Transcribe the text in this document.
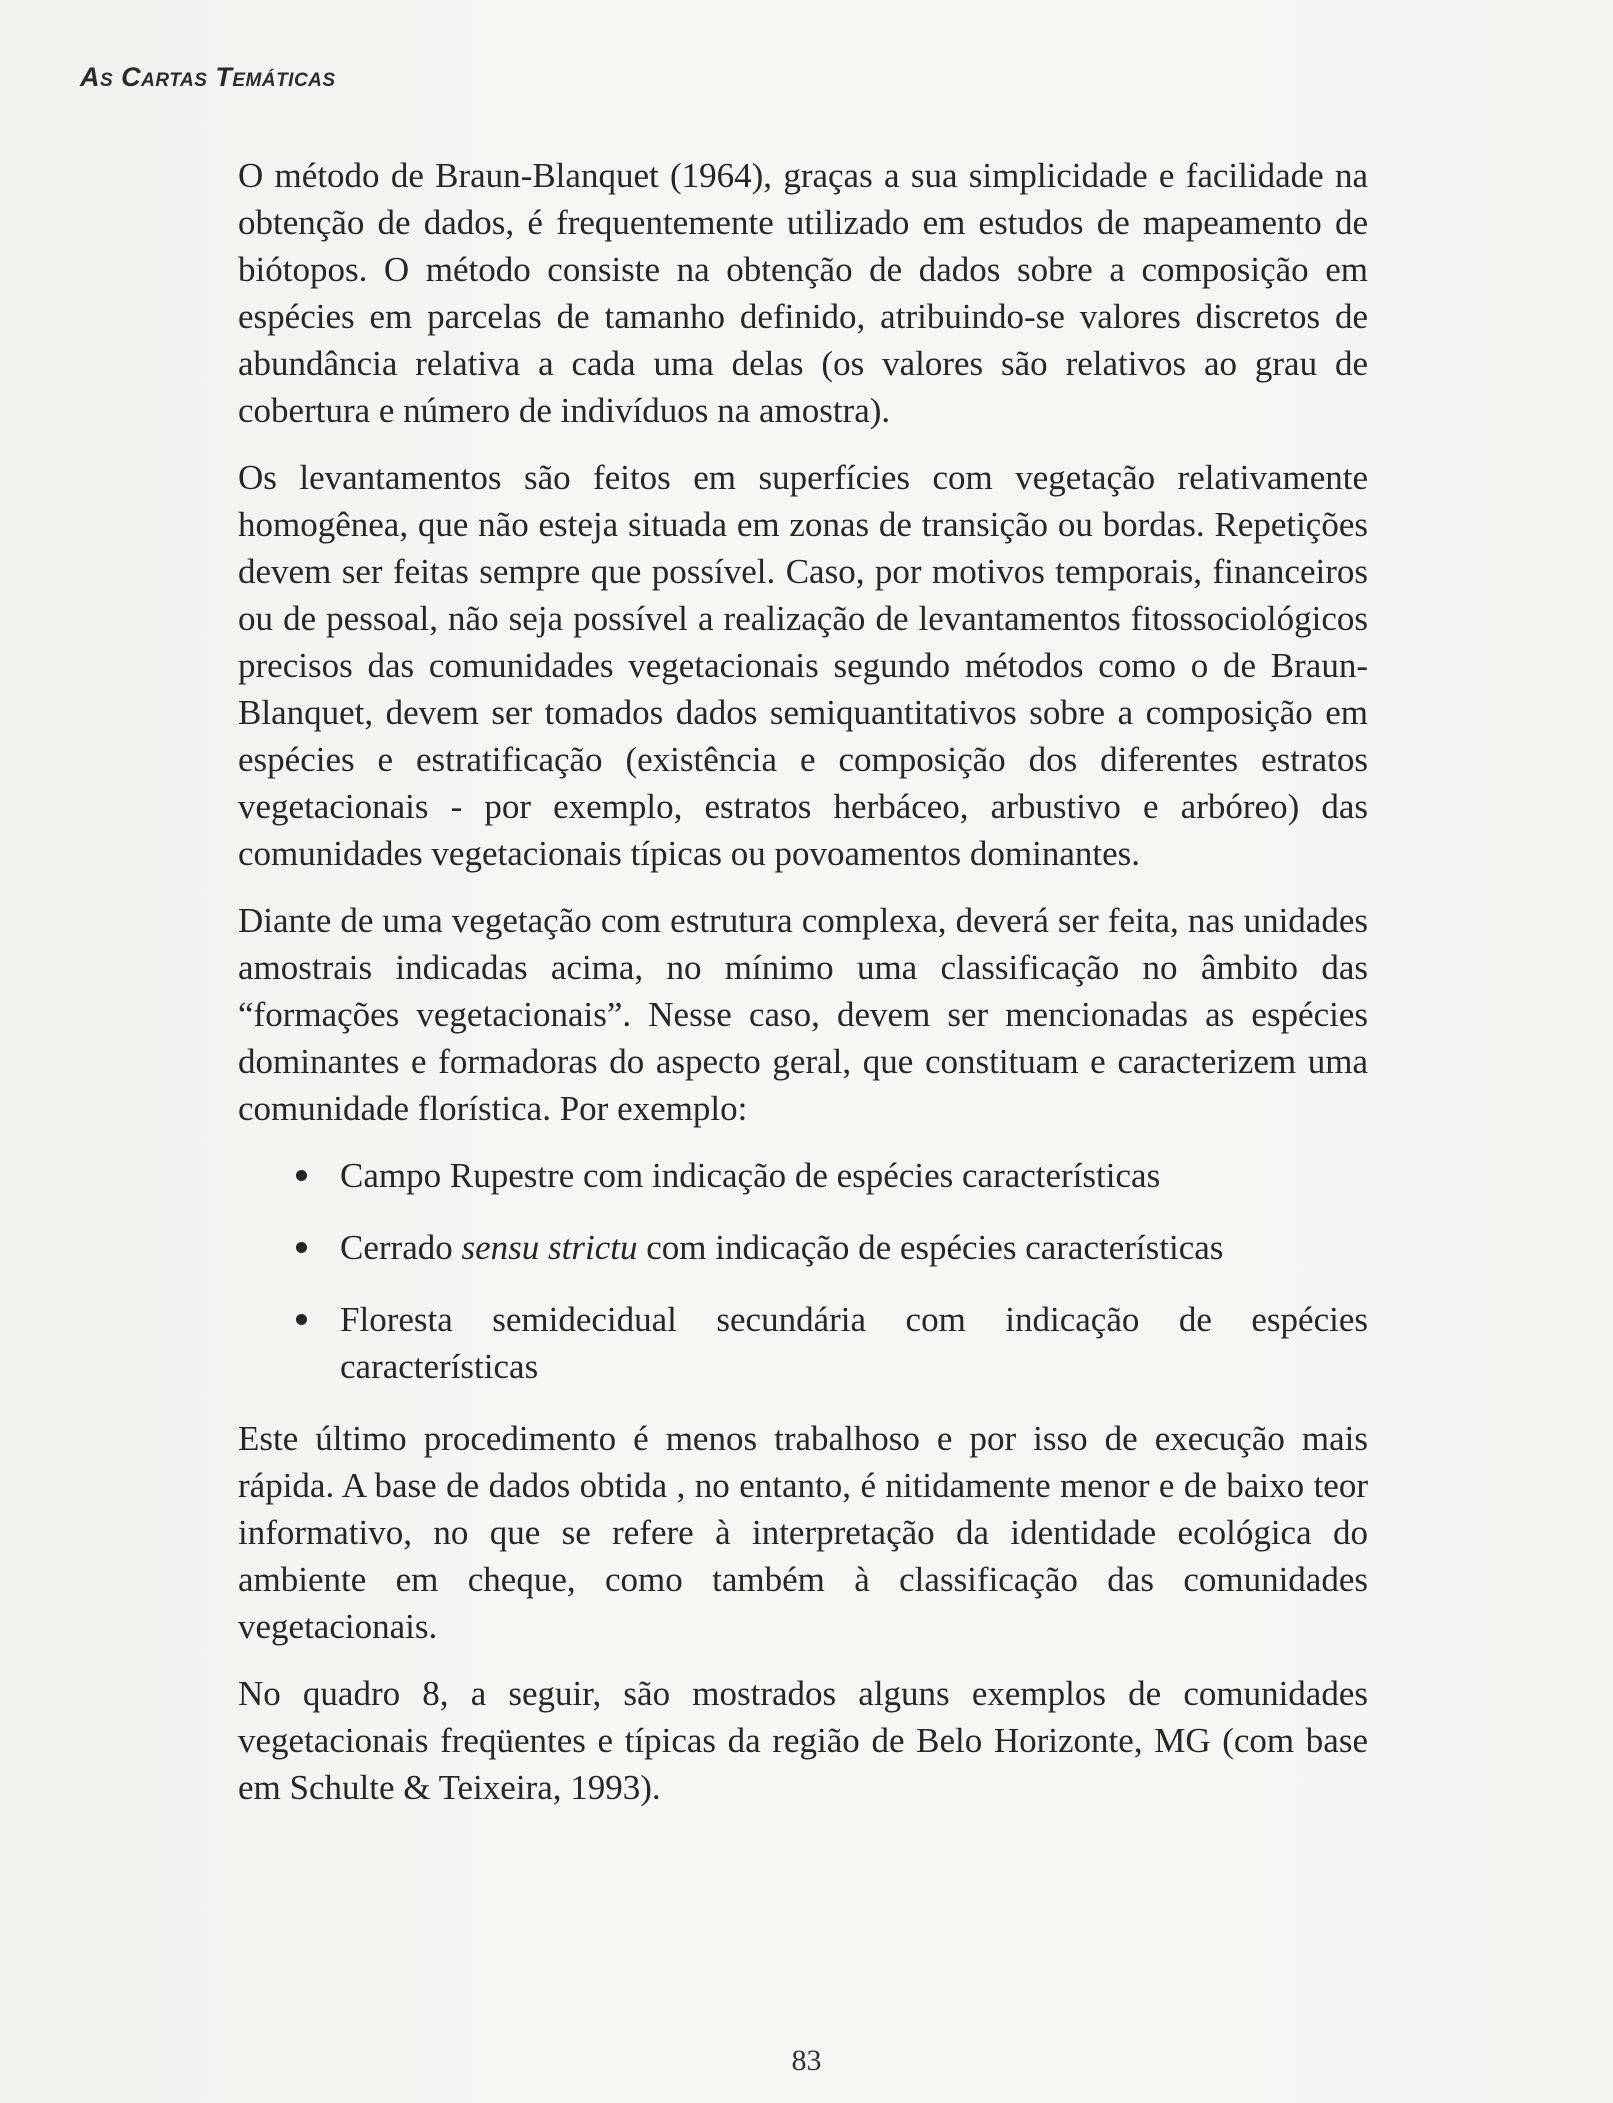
As Cartas Temáticas

O método de Braun-Blanquet (1964), graças a sua simplicidade e facilidade na obtenção de dados, é frequentemente utilizado em estudos de mapeamento de biótopos. O método consiste na obtenção de dados sobre a composição em espécies em parcelas de tamanho definido, atribuindo-se valores discretos de abundância relativa a cada uma delas (os valores são relativos ao grau de cobertura e número de indivíduos na amostra).

Os levantamentos são feitos em superfícies com vegetação relativamente homogênea, que não esteja situada em zonas de transição ou bordas. Repetições devem ser feitas sempre que possível. Caso, por motivos temporais, financeiros ou de pessoal, não seja possível a realização de levantamentos fitossociológicos precisos das comunidades vegetacionais segundo métodos como o de Braun-Blanquet, devem ser tomados dados semiquantitativos sobre a composição em espécies e estratificação (existência e composição dos diferentes estratos vegetacionais - por exemplo, estratos herbáceo, arbustivo e arbóreo) das comunidades vegetacionais típicas ou povoamentos dominantes.

Diante de uma vegetação com estrutura complexa, deverá ser feita, nas unidades amostrais indicadas acima, no mínimo uma classificação no âmbito das “formações vegetacionais”. Nesse caso, devem ser mencionadas as espécies dominantes e formadoras do aspecto geral, que constituam e caracterizem uma comunidade florística. Por exemplo:

Campo Rupestre com indicação de espécies características
Cerrado sensu strictu com indicação de espécies características
Floresta semidecidual secundária com indicação de espécies características

Este último procedimento é menos trabalhoso e por isso de execução mais rápida. A base de dados obtida , no entanto, é nitidamente menor e de baixo teor informativo, no que se refere à interpretação da identidade ecológica do ambiente em cheque, como também à classificação das comunidades vegetacionais.

No quadro 8, a seguir, são mostrados alguns exemplos de comunidades vegetacionais freqüentes e típicas da região de Belo Horizonte, MG (com base em Schulte & Teixeira, 1993).

83
